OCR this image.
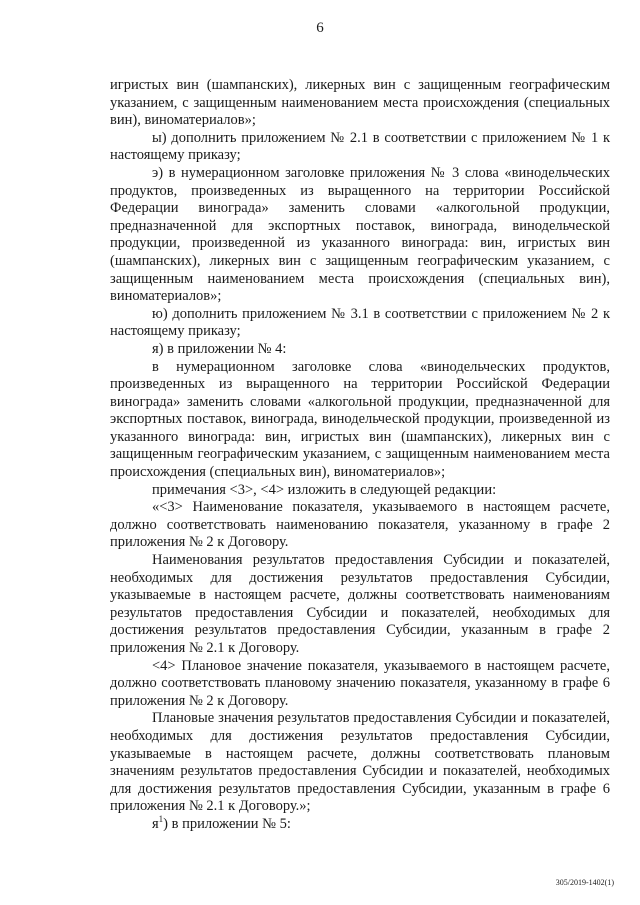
6

игристых вин (шампанских), ликерных вин с защищенным географическим указанием, с защищенным наименованием места происхождения (специальных вин), виноматериалов»;

ы) дополнить приложением № 2.1 в соответствии с приложением № 1 к настоящему приказу;

э) в нумерационном заголовке приложения № 3 слова «винодельческих продуктов, произведенных из выращенного на территории Российской Федерации винограда» заменить словами «алкогольной продукции, предназначенной для экспортных поставок, винограда, винодельческой продукции, произведенной из указанного винограда: вин, игристых вин (шампанских), ликерных вин с защищенным географическим указанием, с защищенным наименованием места происхождения (специальных вин), виноматериалов»;

ю) дополнить приложением № 3.1 в соответствии с приложением № 2 к настоящему приказу;

я) в приложении № 4:

в нумерационном заголовке слова «винодельческих продуктов, произведенных из выращенного на территории Российской Федерации винограда» заменить словами «алкогольной продукции, предназначенной для экспортных поставок, винограда, винодельческой продукции, произведенной из указанного винограда: вин, игристых вин (шампанских), ликерных вин с защищенным географическим указанием, с защищенным наименованием места происхождения (специальных вин), виноматериалов»;

примечания <3>, <4> изложить в следующей редакции:

«<3> Наименование показателя, указываемого в настоящем расчете, должно соответствовать наименованию показателя, указанному в графе 2 приложения № 2 к Договору.

Наименования результатов предоставления Субсидии и показателей, необходимых для достижения результатов предоставления Субсидии, указываемые в настоящем расчете, должны соответствовать наименованиям результатов предоставления Субсидии и показателей, необходимых для достижения результатов предоставления Субсидии, указанным в графе 2 приложения № 2.1 к Договору.

<4> Плановое значение показателя, указываемого в настоящем расчете, должно соответствовать плановому значению показателя, указанному в графе 6 приложения № 2 к Договору.

Плановые значения результатов предоставления Субсидии и показателей, необходимых для достижения результатов предоставления Субсидии, указываемые в настоящем расчете, должны соответствовать плановым значениям результатов предоставления Субсидии и показателей, необходимых для достижения результатов предоставления Субсидии, указанным в графе 6 приложения № 2.1 к Договору.»;

$я^1$) в приложении № 5:

305/2019-1402(1)
